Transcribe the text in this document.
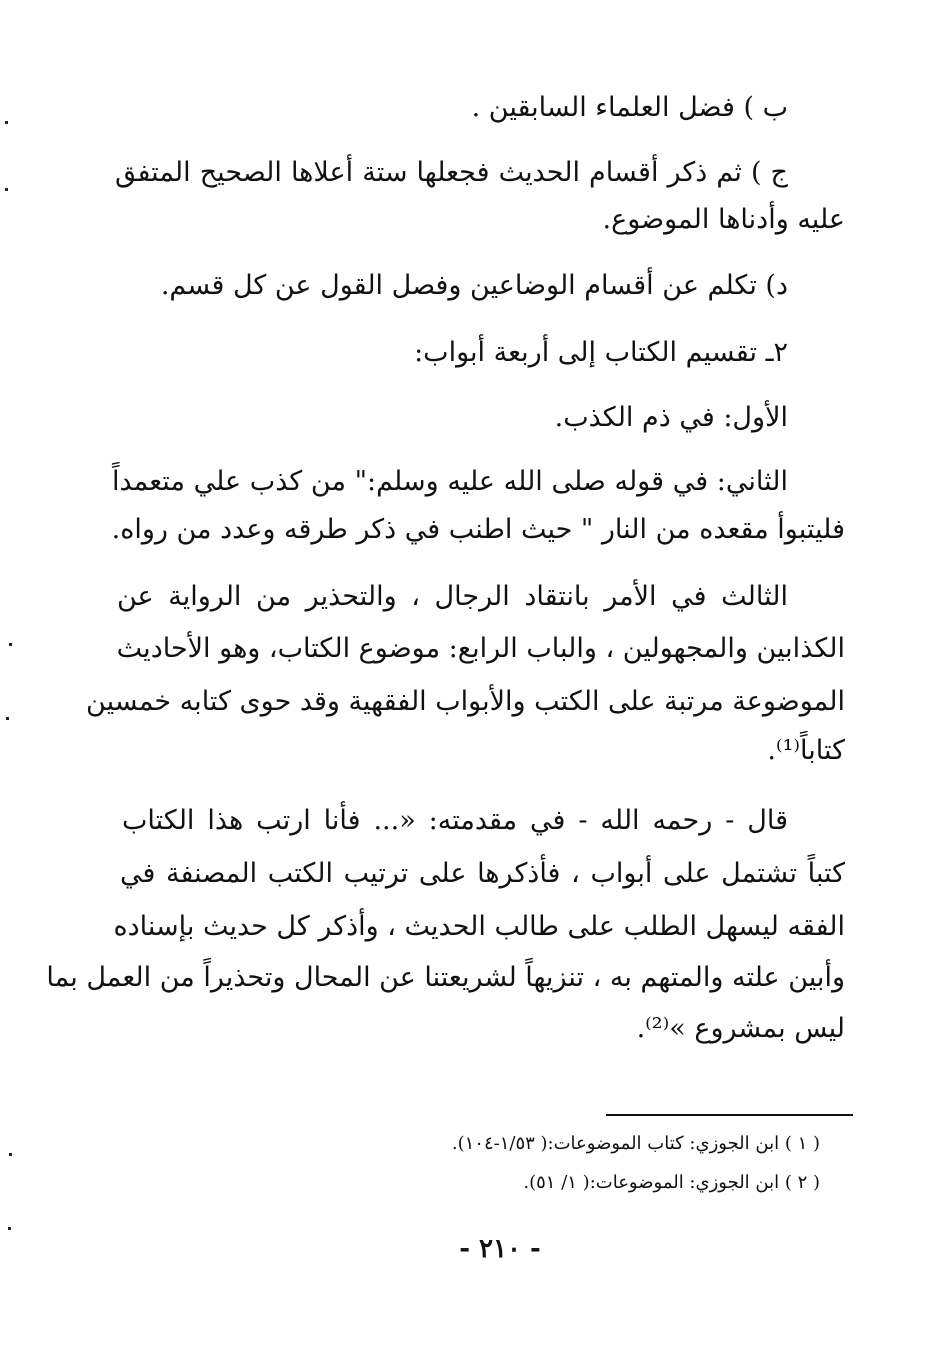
ب ) فضل العلماء السابقين .
ج ) ثم ذكر أقسام الحديث فجعلها ستة أعلاها الصحيح المتفق
عليه وأدناها الموضوع.
د) تكلم عن أقسام الوضاعين وفصل القول عن كل قسم.
٢ـ تقسيم الكتاب إلى أربعة أبواب:
الأول: في ذم الكذب.
الثاني: في قوله صلى الله عليه وسلم:" من كذب علي متعمداً
فليتبوأ مقعده من النار " حيث اطنب في ذكر طرقه وعدد من رواه.
الثالث في الأمر بانتقاد الرجال ، والتحذير من الرواية عن
الكذابين والمجهولين ، والباب الرابع: موضوع الكتاب، وهو الأحاديث
الموضوعة مرتبة على الكتب والأبواب الفقهية وقد حوى كتابه خمسين
كتاباً⁽¹⁾.
قال - رحمه الله - في مقدمته: «... فأنا ارتب هذا الكتاب
كتباً تشتمل على أبواب ، فأذكرها على ترتيب الكتب المصنفة في
الفقه ليسهل الطلب على طالب الحديث ، وأذكر كل حديث بإسناده
وأبين علته والمتهم به ، تنزيهاً لشريعتنا عن المحال وتحذيراً من العمل بما
ليس بمشروع »⁽²⁾.
( ١ ) ابن الجوزي: كتاب الموضوعات:( ١/٥٣-١٠٤).
( ٢ ) ابن الجوزي: الموضوعات:( ١/ ٥١).
- ٢١٠ -
